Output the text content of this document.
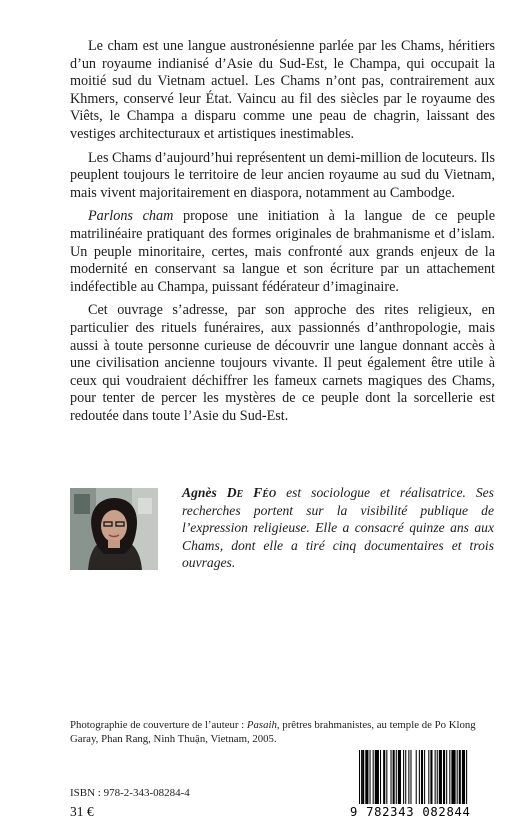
Le cham est une langue austronésienne parlée par les Chams, héritiers d’un royaume indianisé d’Asie du Sud-Est, le Champa, qui occupait la moitié sud du Vietnam actuel. Les Chams n’ont pas, contrairement aux Khmers, conservé leur État. Vaincu au fil des siècles par le royaume des Viêts, le Champa a disparu comme une peau de chagrin, laissant des vestiges architecturaux et artistiques inestimables.

Les Chams d’aujourd’hui représentent un demi-million de locuteurs. Ils peuplent toujours le territoire de leur ancien royaume au sud du Vietnam, mais vivent majoritairement en diaspora, notamment au Cambodge.

Parlons cham propose une initiation à la langue de ce peuple matrilinéaire pratiquant des formes originales de brahmanisme et d’islam. Un peuple minoritaire, certes, mais confronté aux grands enjeux de la modernité en conservant sa langue et son écriture par un attachement indéfectible au Champa, puissant fédérateur d’imaginaire.

Cet ouvrage s’adresse, par son approche des rites religieux, en particulier des rituels funéraires, aux passionnés d’anthropologie, mais aussi à toute personne curieuse de découvrir une langue donnant accès à une civilisation ancienne toujours vivante. Il peut également être utile à ceux qui voudraient déchiffrer les fameux carnets magiques des Chams, pour tenter de percer les mystères de ce peuple dont la sorcellerie est redoutée dans toute l’Asie du Sud-Est.

Agnès De Féo est sociologue et réalisatrice. Ses recherches portent sur la visibilité publique de l’expression religieuse. Elle a consacré quinze ans aux Chams, dont elle a tiré cinq documentaires et trois ouvrages.
Photographie de couverture de l’auteur : Pasaih, prêtres brahmanistes, au temple de Po Klong Garay, Phan Rang, Ninh Thuận, Vietnam, 2005.
ISBN : 978-2-343-08284-4
31 €	9 782343 082844
